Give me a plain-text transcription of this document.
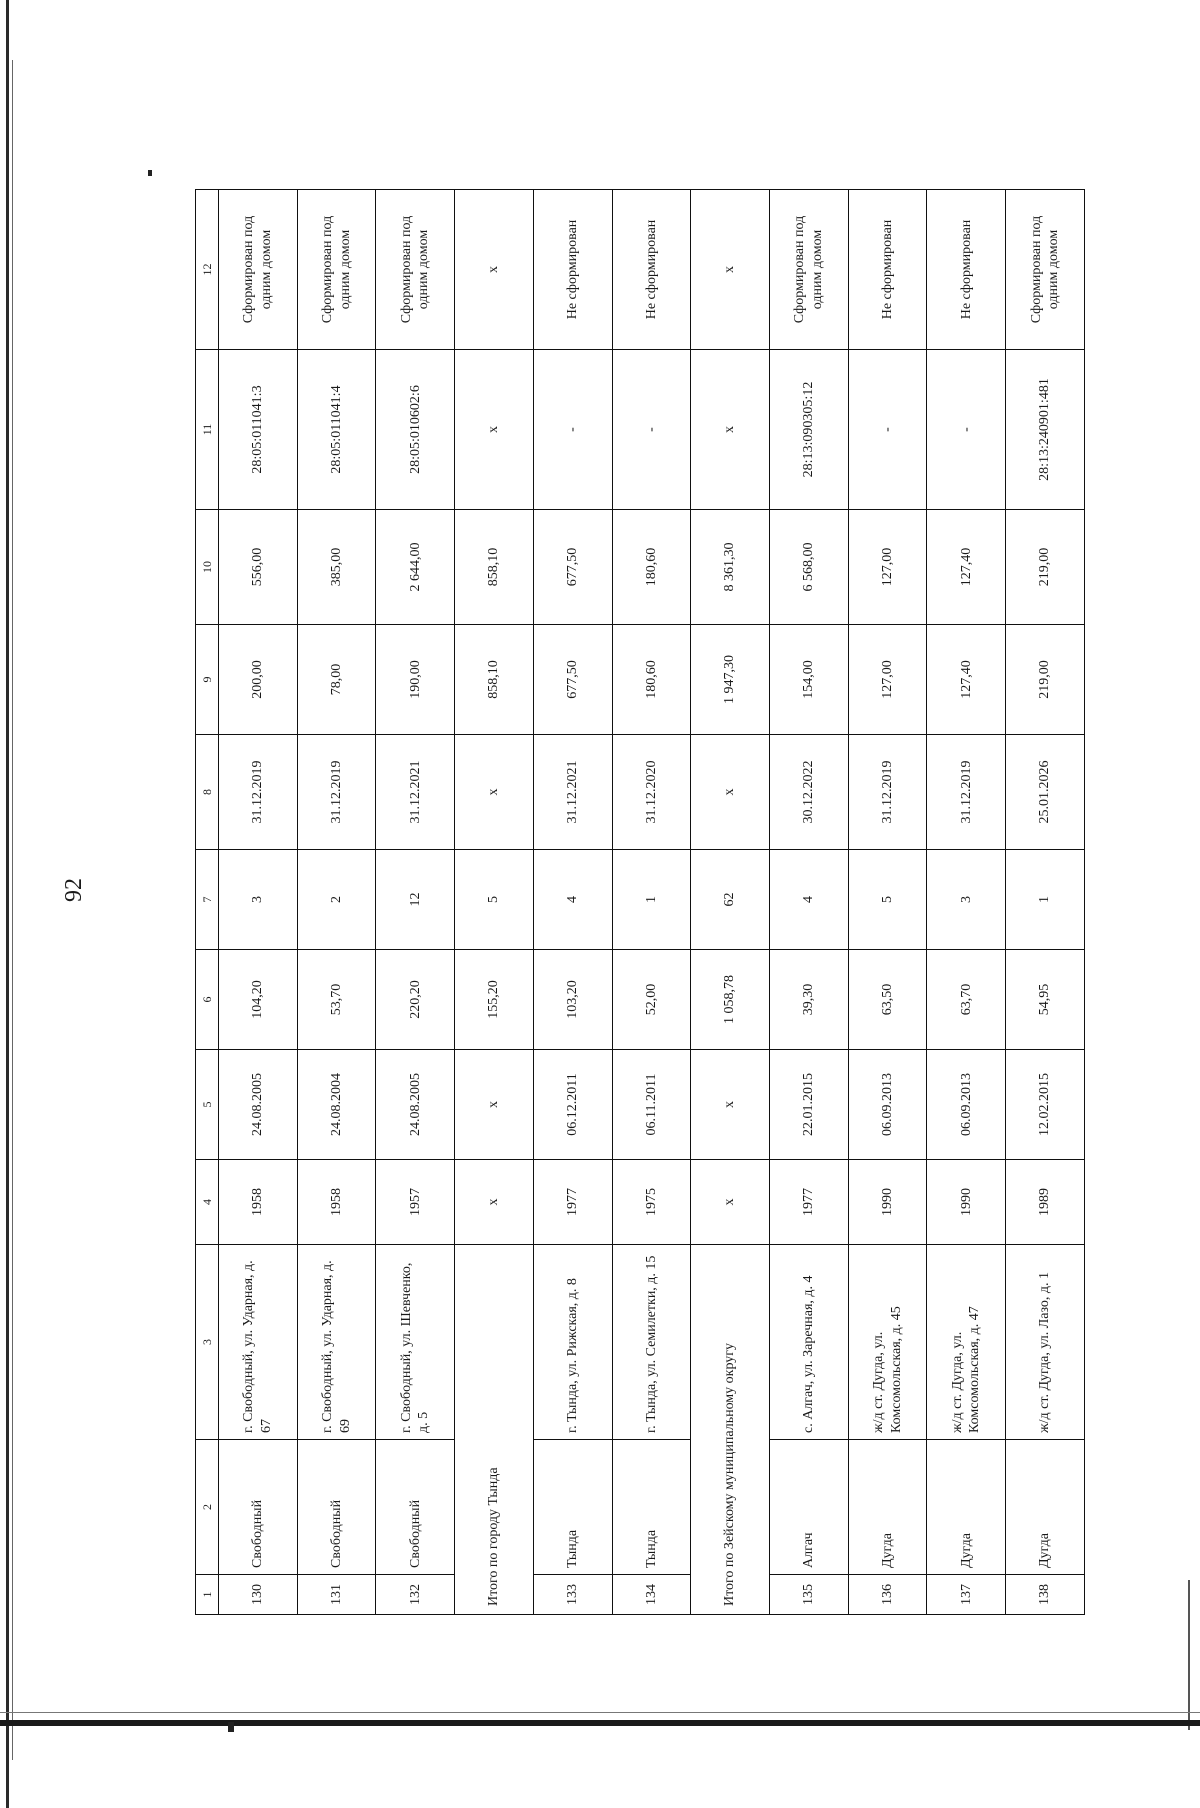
92
1	2	3	4	5	6	7	8	9	10	11	12
130	Свободный	г. Свободный, ул. Ударная, д. 67	1958	24.08.2005	104,20	3	31.12.2019	200,00	556,00	28:05:011041:3	Сформирован под одним домом
131	Свободный	г. Свободный, ул. Ударная, д. 69	1958	24.08.2004	53,70	2	31.12.2019	78,00	385,00	28:05:011041:4	Сформирован под одним домом
132	Свободный	г. Свободный, ул. Шевченко, д. 5	1957	24.08.2005	220,20	12	31.12.2021	190,00	2 644,00	28:05:010602:6	Сформирован под одним домом
Итого по городу Тында			x	x	155,20	5	x	858,10	858,10	x	x
133	Тында	г. Тында, ул. Рижская, д. 8	1977	06.12.2011	103,20	4	31.12.2021	677,50	677,50	-	Не сформирован
134	Тында	г. Тында, ул. Семилетки, д. 15	1975	06.11.2011	52,00	1	31.12.2020	180,60	180,60	-	Не сформирован
Итого по Зейскому муниципальному округу			x	x	1 058,78	62	x	1 947,30	8 361,30	x	x
135	Алгач	с. Алгач, ул. Заречная, д. 4	1977	22.01.2015	39,30	4	30.12.2022	154,00	6 568,00	28:13:090305:12	Сформирован под одним домом
136	Дугда	ж/д ст. Дугда, ул. Комсомольская, д. 45	1990	06.09.2013	63,50	5	31.12.2019	127,00	127,00	-	Не сформирован
137	Дугда	ж/д ст. Дугда, ул. Комсомольская, д. 47	1990	06.09.2013	63,70	3	31.12.2019	127,40	127,40	-	Не сформирован
138	Дугда	ж/д ст. Дугда, ул. Лазо, д. 1	1989	12.02.2015	54,95	1	25.01.2026	219,00	219,00	28:13:240901:481	Сформирован под одним домом
